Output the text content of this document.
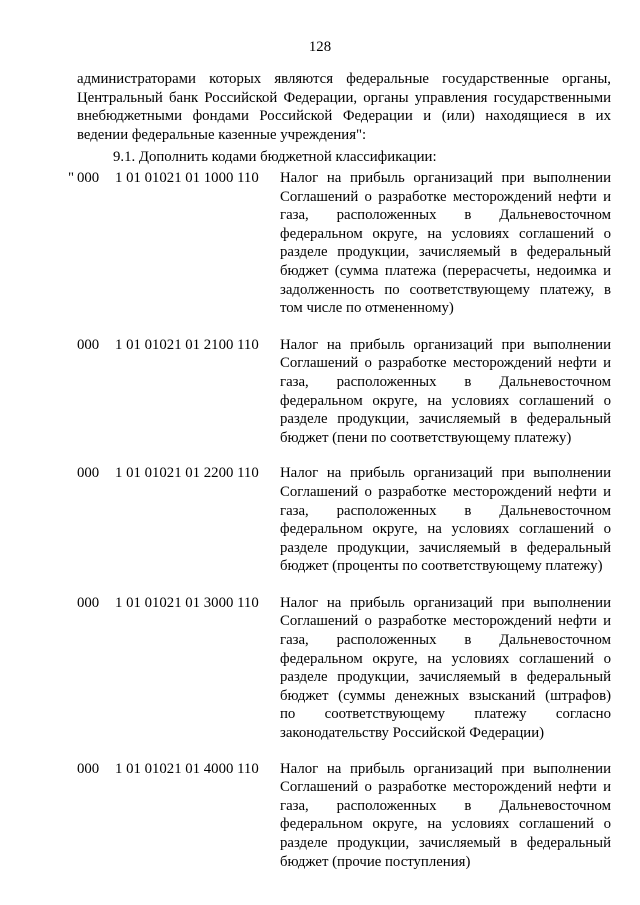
128

администраторами которых являются федеральные государственные органы,

Центральный банк Российской Федерации, органы управления государственными

внебюджетными фондами Российской Федерации и (или) находящиеся в их

ведении федеральные казенные учреждения":

9.1. Дополнить кодами бюджетной классификации:
" 000 1 01 01021 01 1000 110 Налог на прибыль организаций при выполнении
Соглашений о разработке месторождений нефти и
газа, расположенных в Дальневосточном
федеральном округе, на условиях соглашений о
разделе продукции, зачисляемый в федеральный
бюджет (сумма платежа (перерасчеты, недоимка и
задолженность по соответствующему платежу, в
том числе по отмененному)
000 1 01 01021 01 2100 110 Налог на прибыль организаций при выполнении
Соглашений о разработке месторождений нефти и
газа, расположенных в Дальневосточном
федеральном округе, на условиях соглашений о
разделе продукции, зачисляемый в федеральный
бюджет (пени по соответствующему платежу)
000 1 01 01021 01 2200 110 Налог на прибыль организаций при выполнении
Соглашений о разработке месторождений нефти и
газа, расположенных в Дальневосточном
федеральном округе, на условиях соглашений о
разделе продукции, зачисляемый в федеральный
бюджет (проценты по соответствующему платежу)
000 1 01 01021 01 3000 110 Налог на прибыль организаций при выполнении
Соглашений о разработке месторождений нефти и
газа, расположенных в Дальневосточном
федеральном округе, на условиях соглашений о
разделе продукции, зачисляемый в федеральный
бюджет (суммы денежных взысканий (штрафов)
по соответствующему платежу согласно
законодательству Российской Федерации)
000 1 01 01021 01 4000 110 Налог на прибыль организаций при выполнении
Соглашений о разработке месторождений нефти и
газа, расположенных в Дальневосточном
федеральном округе, на условиях соглашений о
разделе продукции, зачисляемый в федеральный
бюджет (прочие поступления)
